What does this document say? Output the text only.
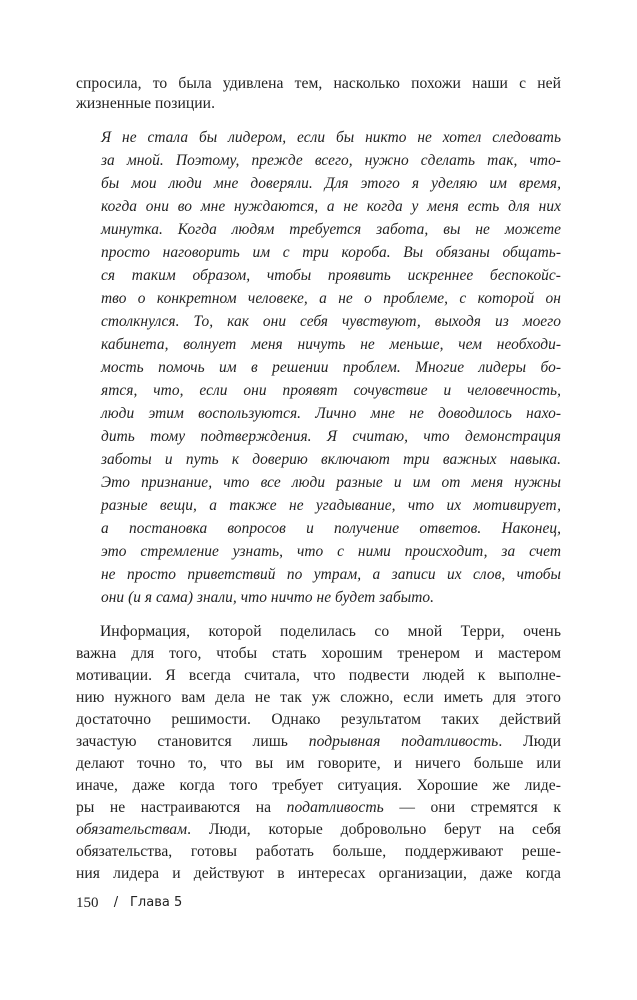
спросила, то была удивлена тем, насколько похожи наши с ней
жизненные позиции.
Я не стала бы лидером, если бы никто не хотел следовать
за мной. Поэтому, прежде всего, нужно сделать так, что-
бы мои люди мне доверяли. Для этого я уделяю им время,
когда они во мне нуждаются, а не когда у меня есть для них
минутка. Когда людям требуется забота, вы не можете
просто наговорить им с три короба. Вы обязаны общать-
ся таким образом, чтобы проявить искреннее беспокойс-
тво о конкретном человеке, а не о проблеме, с которой он
столкнулся. То, как они себя чувствуют, выходя из моего
кабинета, волнует меня ничуть не меньше, чем необходи-
мость помочь им в решении проблем. Многие лидеры бо-
ятся, что, если они проявят сочувствие и человечность,
люди этим воспользуются. Лично мне не доводилось нахо-
дить тому подтверждения. Я считаю, что демонстрация
заботы и путь к доверию включают три важных навыка.
Это признание, что все люди разные и им от меня нужны
разные вещи, а также не угадывание, что их мотивирует,
а постановка вопросов и получение ответов. Наконец,
это стремление узнать, что с ними происходит, за счет
не просто приветствий по утрам, а записи их слов, чтобы
они (и я сама) знали, что ничто не будет забыто.
Информация, которой поделилась со мной Терри, очень
важна для того, чтобы стать хорошим тренером и мастером
мотивации. Я всегда считала, что подвести людей к выполне-
нию нужного вам дела не так уж сложно, если иметь для этого
достаточно решимости. Однако результатом таких действий
зачастую становится лишь подрывная податливость. Люди
делают точно то, что вы им говорите, и ничего больше или
иначе, даже когда того требует ситуация. Хорошие же лиде-
ры не настраиваются на податливость — они стремятся к
обязательствам. Люди, которые добровольно берут на себя
обязательства, готовы работать больше, поддерживают реше-
ния лидера и действуют в интересах организации, даже когда
150 / Глава 5
